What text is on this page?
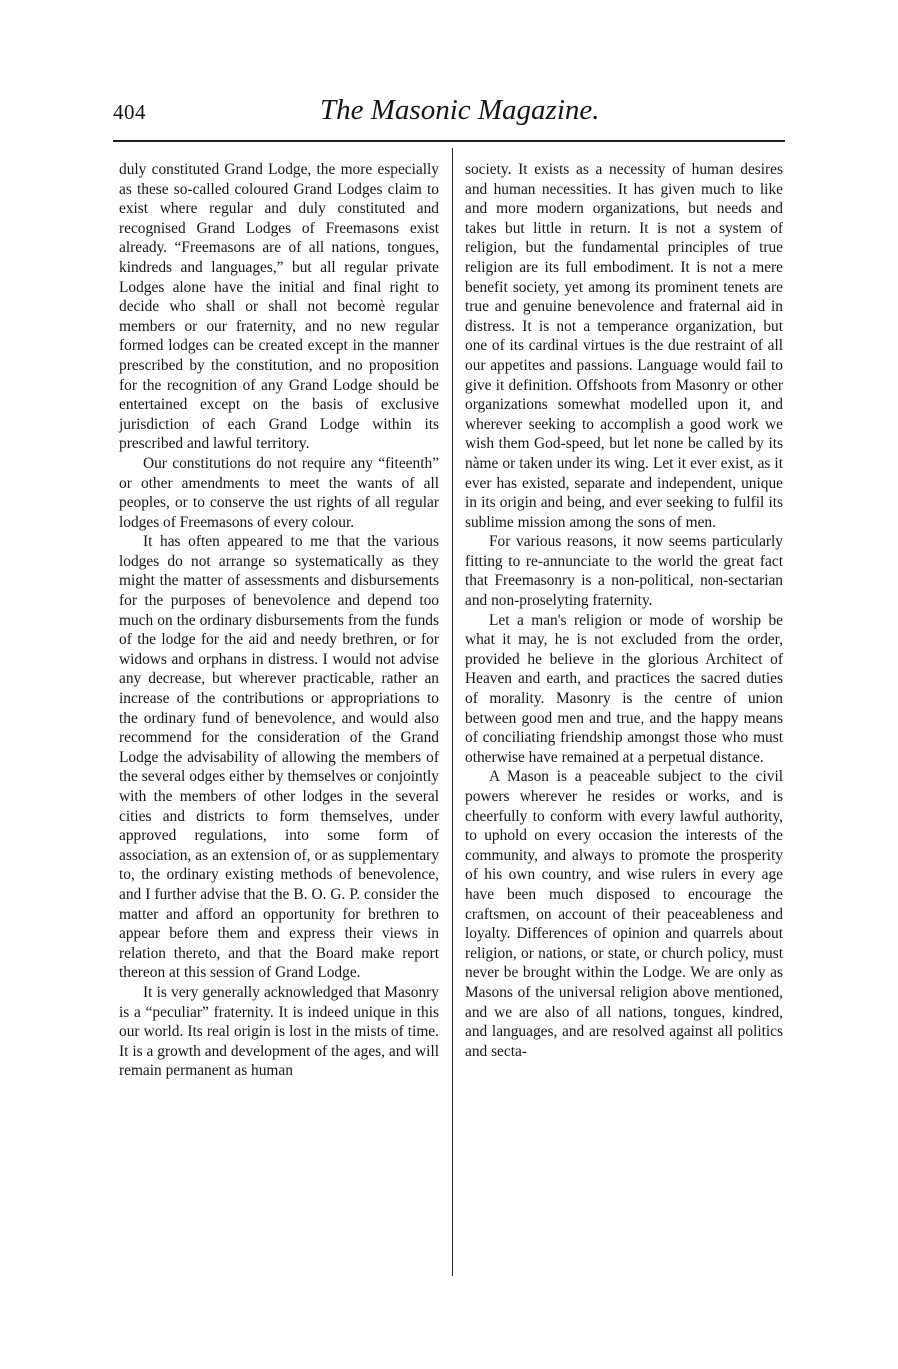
404	The Masonic Magazine.

duly constituted Grand Lodge, the more especially as these so-called coloured Grand Lodges claim to exist where regular and duly constituted and recognised Grand Lodges of Freemasons exist already. “Freemasons are of all nations, tongues, kindreds and languages,” but all regular private Lodges alone have the initial and final right to decide who shall or shall not becomè regular members or our fraternity, and no new regular formed lodges can be created except in the manner prescribed by the constitution, and no proposition for the recognition of any Grand Lodge should be entertained except on the basis of exclusive jurisdiction of each Grand Lodge within its prescribed and lawful territory.

Our constitutions do not require any “fiteenth” or other amendments to meet the wants of all peoples, or to conserve the ust rights of all regular lodges of Freemasons of every colour.

It has often appeared to me that the various lodges do not arrange so systematically as they might the matter of assessments and disbursements for the purposes of benevolence and depend too much on the ordinary disbursements from the funds of the lodge for the aid and needy brethren, or for widows and orphans in distress. I would not advise any decrease, but wherever practicable, rather an increase of the contributions or appropriations to the ordinary fund of benevolence, and would also recommend for the consideration of the Grand Lodge the advisability of allowing the members of the several odges either by themselves or conjointly with the members of other lodges in the several cities and districts to form themselves, under approved regulations, into some form of association, as an extension of, or as supplementary to, the ordinary existing methods of benevolence, and I further advise that the B. O. G. P. consider the matter and afford an opportunity for brethren to appear before them and express their views in relation thereto, and that the Board make report thereon at this session of Grand Lodge.

It is very generally acknowledged that Masonry is a “peculiar” fraternity. It is indeed unique in this our world. Its real origin is lost in the mists of time. It is a growth and development of the ages, and will remain permanent as human

society. It exists as a necessity of human desires and human necessities. It has given much to like and more modern organizations, but needs and takes but little in return. It is not a system of religion, but the fundamental principles of true religion are its full embodiment. It is not a mere benefit society, yet among its prominent tenets are true and genuine benevolence and fraternal aid in distress. It is not a temperance organization, but one of its cardinal virtues is the due restraint of all our appetites and passions. Language would fail to give it definition. Offshoots from Masonry or other organizations somewhat modelled upon it, and wherever seeking to accomplish a good work we wish them God-speed, but let none be called by its nàme or taken under its wing. Let it ever exist, as it ever has existed, separate and independent, unique in its origin and being, and ever seeking to fulfil its sublime mission among the sons of men.

For various reasons, it now seems particularly fitting to re-annunciate to the world the great fact that Freemasonry is a non-political, non-sectarian and non-proselyting fraternity.

Let a man's religion or mode of worship be what it may, he is not excluded from the order, provided he believe in the glorious Architect of Heaven and earth, and practices the sacred duties of morality. Masonry is the centre of union between good men and true, and the happy means of conciliating friendship amongst those who must otherwise have remained at a perpetual distance.

A Mason is a peaceable subject to the civil powers wherever he resides or works, and is cheerfully to conform with every lawful authority, to uphold on every occasion the interests of the community, and always to promote the prosperity of his own country, and wise rulers in every age have been much disposed to encourage the craftsmen, on account of their peaceableness and loyalty. Differences of opinion and quarrels about religion, or nations, or state, or church policy, must never be brought within the Lodge. We are only as Masons of the universal religion above mentioned, and we are also of all nations, tongues, kindred, and languages, and are resolved against all politics and secta-
